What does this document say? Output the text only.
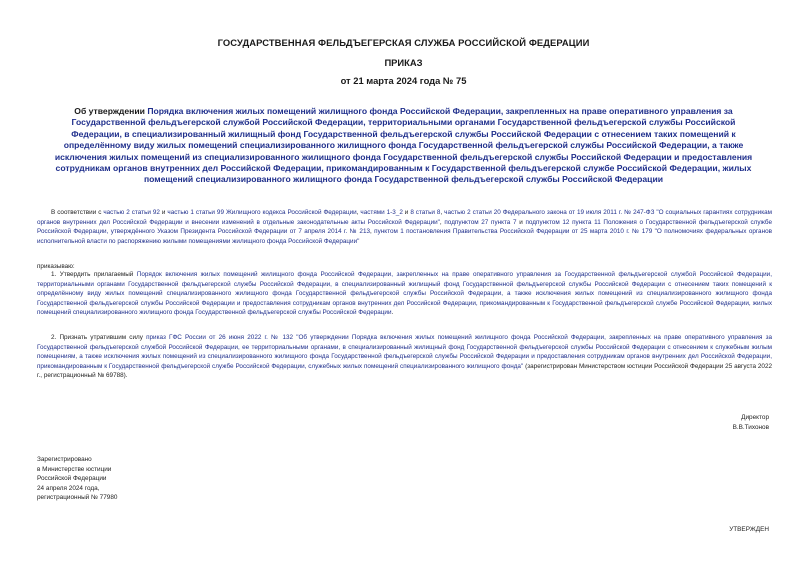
ГОСУДАРСТВЕННАЯ ФЕЛЬДЪЕГЕРСКАЯ СЛУЖБА РОССИЙСКОЙ ФЕДЕРАЦИИ
ПРИКАЗ
от 21 марта 2024 года № 75
Об утверждении Порядка включения жилых помещений жилищного фонда Российской Федерации, закрепленных на праве оперативного управления за Государственной фельдъегерской службой Российской Федерации, территориальными органами Государственной фельдъегерской службы Российской Федерации, в специализированный жилищный фонд Государственной фельдъегерской службы Российской Федерации с отнесением таких помещений к определённому виду жилых помещений специализированного жилищного фонда Государственной фельдъегерской службы Российской Федерации, а также исключения жилых помещений из специализированного жилищного фонда Государственной фельдъегерской службы Российской Федерации и предоставления сотрудникам органов внутренних дел Российской Федерации, прикомандированным к Государственной фельдъегерской службе Российской Федерации, жилых помещений специализированного жилищного фонда Государственной фельдъегерской службы Российской Федерации
В соответствии с частью 2 статьи 92 и частью 1 статьи 99 Жилищного кодекса Российской Федерации, частями 1-3_2 и 8 статьи 8, частью 2 статьи 20 Федерального закона от 19 июля 2011 г. № 247-ФЗ "О социальных гарантиях сотрудникам органов внутренних дел Российской Федерации и внесении изменений в отдельные законодательные акты Российской Федерации", подпунктом 27 пункта 7 и подпунктом 12 пункта 11 Положения о Государственной фельдъегерской службе Российской Федерации, утверждённого Указом Президента Российской Федерации от 7 апреля 2014 г. № 213, пунктом 1 постановления Правительства Российской Федерации от 25 марта 2010 г. № 179 "О полномочиях федеральных органов исполнительной власти по распоряжению жилыми помещениями жилищного фонда Российской Федерации"
приказываю:
1. Утвердить прилагаемый Порядок включения жилых помещений жилищного фонда Российской Федерации, закрепленных на праве оперативного управления за Государственной фельдъегерской службой Российской Федерации, территориальными органами Государственной фельдъегерской службы Российской Федерации, в специализированный жилищный фонд Государственной фельдъегерской службы Российской Федерации с отнесением таких помещений к определённому виду жилых помещений специализированного жилищного фонда Государственной фельдъегерской службы Российской Федерации, а также исключения жилых помещений из специализированного жилищного фонда Государственной фельдъегерской службы Российской Федерации и предоставления сотрудникам органов внутренних дел Российской Федерации, прикомандированным к Государственной фельдъегерской службе Российской Федерации, жилых помещений специализированного жилищного фонда Государственной фельдъегерской службы Российской Федерации.
2. Признать утратившим силу приказ ГФС России от 26 июня 2022 г. № 132 "Об утверждении Порядка включения жилых помещений жилищного фонда Российской Федерации, закрепленных на праве оперативного управления за Государственной фельдъегерской службой Российской Федерации, ее территориальными органами, в специализированный жилищный фонд Государственной фельдъегерской службы Российской Федерации с отнесением к служебным жилым помещениям, а также исключения жилых помещений из специализированного жилищного фонда Государственной фельдъегерской службы Российской Федерации и предоставления сотрудникам органов внутренних дел Российской Федерации, прикомандированным к Государственной фельдъегерской службе Российской Федерации, служебных жилых помещений специализированного жилищного фонда" (зарегистрирован Министерством юстиции Российской Федерации 25 августа 2022 г., регистрационный № 69788).
Директор
В.В.Тихонов
Зарегистрировано
в Министерстве юстиции
Российской Федерации
24 апреля 2024 года,
регистрационный № 77980
УТВЕРЖДЕН
